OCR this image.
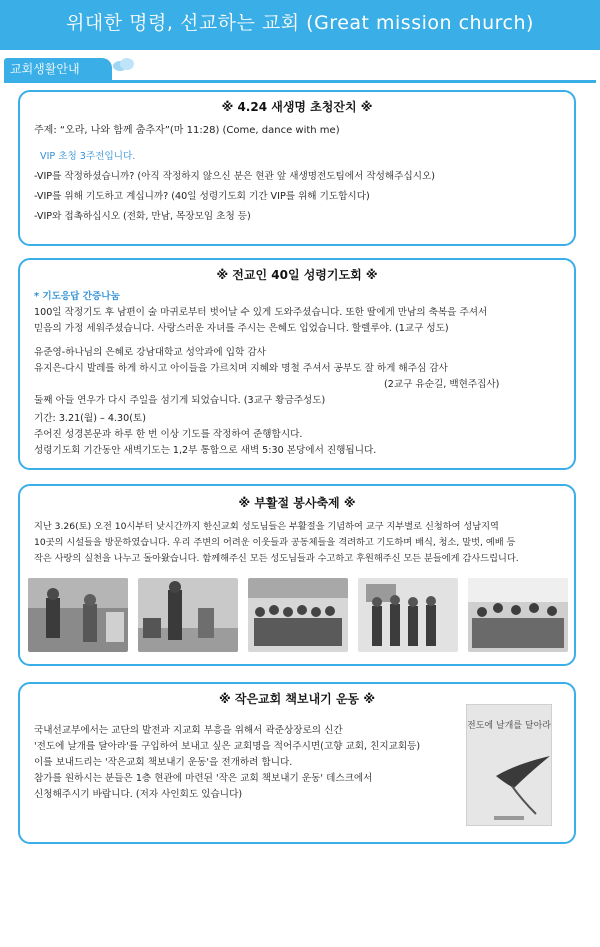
위대한 명령, 선교하는 교회 (Great mission church)
교회생활안내
※ 4.24 새생명 초청잔치 ※
주제: “오라, 나와 함께 춤추자”(마 11:28) (Come, dance with me)
VIP 초청 3주전입니다.
-VIP를 작정하셨습니까? (아직 작정하지 않으신 분은 현관 앞 새생명전도팀에서 작성해주십시오)
-VIP를 위해 기도하고 계십니까? (40일 성령기도회 기간 VIP를 위해 기도합시다)
-VIP와 접촉하십시오 (전화, 만남, 목장모임 초청 등)
※ 전교인 40일 성령기도회 ※
* 기도응답 간증나눔
100일 작정기도 후 남편이 술 마귀로부터 벗어날 수 있게 도와주셨습니다. 또한 딸에게 만남의 축복을 주셔서
믿음의 가정 세워주셨습니다. 사랑스러운 자녀를 주시는 은혜도 입었습니다. 할렐루야. (1교구 성도)
유준영-하나님의 은혜로 강남대학교 성악과에 입학 감사
유지은-다시 발레를 하게 하시고 아이들을 가르치며 지혜와 명철 주셔서 공부도 잘 하게 해주심 감사
(2교구 유순길, 백현주집사)
둘째 아들 연우가 다시 주일을 섬기게 되었습니다. (3교구 황금주성도)
기간: 3.21(월) – 4.30(토)
주어진 성경본문과 하루 한 번 이상 기도를 작정하여 준행합시다.
성령기도회 기간동안 새벽기도는 1,2부 통합으로 새벽 5:30 본당에서 진행됩니다.
※ 부활절 봉사축제 ※
지난 3.26(토) 오전 10시부터 낮시간까지 한신교회 성도님들은 부활절을 기념하여 교구 지부별로 신청하여 성남지역
10곳의 시설들을 방문하였습니다. 우리 주변의 어려운 이웃들과 공동체들을 격려하고 기도하며 배식, 청소, 말벗, 예배 등
작은 사랑의 실천을 나누고 돌아왔습니다. 함께해주신 모든 성도님들과 수고하고 후원해주신 모든 분들에게 감사드립니다.
※ 작은교회 책보내기 운동 ※
국내선교부에서는 교단의 발전과 지교회 부흥을 위해서 곽준상장로의 신간
'전도에 날개를 달아라'를 구입하여 보내고 싶은 교회명을 적어주시면(고향 교회, 친지교회등)
이를 보내드리는 '작은교회 책보내기 운동'을 전개하려 합니다.
참가를 원하시는 분들은 1층 현관에 마련된 '작은 교회 책보내기 운동' 데스크에서
신청해주시기 바랍니다. (저자 사인회도 있습니다)
전도에 날개를 달아라
